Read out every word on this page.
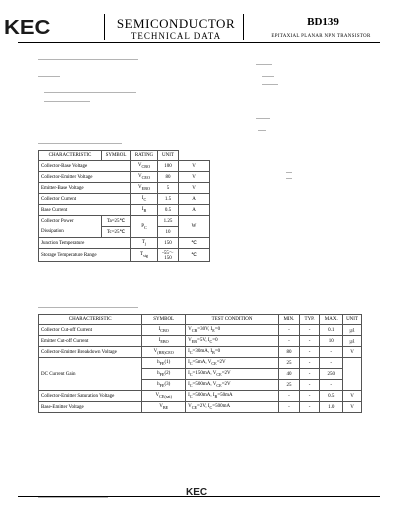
KEC	SEMICONDUCTOR
TECHNICAL DATA
BD139
EPITAXIAL PLANAR NPN TRANSISTOR
CHARACTERISTIC	SYMBOL	RATING	UNIT	
Collector-Base Voltage		$V_{CBO}$	100	V
Collector-Emitter Voltage		$V_{CEO}$	80	V
Emitter-Base Voltage		$V_{EBO}$	5	V
Collector Current		$I_C$	1.5	A
Base Current		$I_B$	0.5	A
Collector Power

Dissipation	Ta=25℃	$P_C$	1.25	W
	Tc=25℃		10	
Junction Temperature		$T_j$	150	℃
Storage Temperature Range		$T_{stg}$	-55～150	℃
CHARACTERISTIC	SYMBOL	TEST CONDITION	MIN.	TYP.	MAX.	UNIT
Collector Cut-off Current	$I_{CBO}$	$V_{CB}=30V$, $I_E=0$	-	-	0.1	㎂
Emitter Cut-off Current	$I_{EBO}$	$V_{EB}=5V$, $I_C=0$	-	-	10	㎂
Collector-Emitter Breakdown Voltage	$V_{(BR)CEO}$	$I_C=30mA$, $I_B=0$	80	-	-	V
DC Current Gain	$h_{FE}(1)$	$I_C=5mA$, $V_{CE}=2V$	25	-	-	
	$h_{FE}(2)$	$I_C=150mA$, $V_{CE}=2V$	40	-	250	
	$h_{FE}(3)$	$I_C=500mA$, $V_{CE}=2V$	25	-	-	
Collector-Emitter Saturation Voltage	$V_{CE(sat)}$	$I_C=500mA$, $I_B=50mA$	-	-	0.5	V
Base-Emitter Voltage	$V_{BE}$	$V_{CE}=2V$, $I_C=500mA$	-	-	1.0	V
KEC
